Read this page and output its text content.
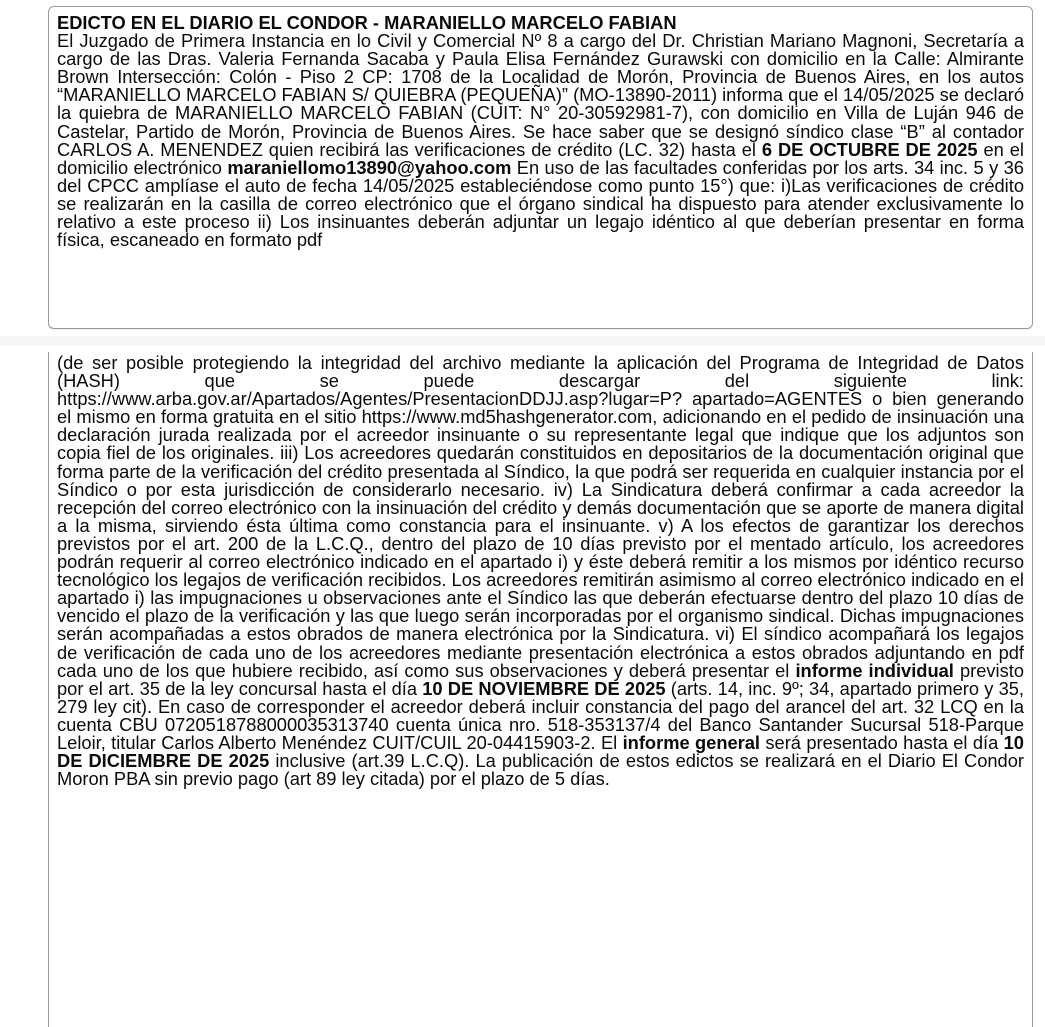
EDICTO EN EL DIARIO EL CONDOR - MARANIELLO MARCELO FABIAN
El Juzgado de Primera Instancia en lo Civil y Comercial Nº 8 a cargo del Dr. Christian Mariano Magnoni, Secretaría a cargo de las Dras. Valeria Fernanda Sacaba y Paula Elisa Fernández Gurawski con domicilio en la Calle: Almirante Brown Intersección: Colón - Piso 2 CP: 1708 de la Localidad de Morón, Provincia de Buenos Aires, en los autos “MARANIELLO MARCELO FABIAN S/ QUIEBRA (PEQUEÑA)” (MO-13890-2011) informa que el 14/05/2025 se declaró la quiebra de MARANIELLO MARCELO FABIAN (CUIT: N° 20-30592981-7), con domicilio en Villa de Luján 946 de Castelar, Partido de Morón, Provincia de Buenos Aires. Se hace saber que se designó síndico clase “B” al contador CARLOS A. MENENDEZ quien recibirá las verificaciones de crédito (LC. 32) hasta el 6 DE OCTUBRE DE 2025 en el domicilio electrónico maraniellomo13890@yahoo.com En uso de las facultades conferidas por los arts. 34 inc. 5 y 36 del CPCC amplíase el auto de fecha 14/05/2025 estableciéndose como punto 15°) que: i)Las verificaciones de crédito se realizarán en la casilla de correo electrónico que el órgano sindical ha dispuesto para atender exclusivamente lo relativo a este proceso ii) Los insinuantes deberán adjuntar un legajo idéntico al que deberían presentar en forma física, escaneado en formato pdf
(de ser posible protegiendo la integridad del archivo mediante la aplicación del Programa de Integridad de Datos (HASH) que se puede descargar del siguiente link: https://www.arba.gov.ar/Apartados/Agentes/PresentacionDDJJ.asp?lugar=P? apartado=AGENTES o bien generando el mismo en forma gratuita en el sitio https://www.md5hashgenerator.com, adicionando en el pedido de insinuación una declaración jurada realizada por el acreedor insinuante o su representante legal que indique que los adjuntos son copia fiel de los originales. iii) Los acreedores quedarán constituidos en depositarios de la documentación original que forma parte de la verificación del crédito presentada al Síndico, la que podrá ser requerida en cualquier instancia por el Síndico o por esta jurisdicción de considerarlo necesario. iv) La Sindicatura deberá confirmar a cada acreedor la recepción del correo electrónico con la insinuación del crédito y demás documentación que se aporte de manera digital a la misma, sirviendo ésta última como constancia para el insinuante. v) A los efectos de garantizar los derechos previstos por el art. 200 de la L.C.Q., dentro del plazo de 10 días previsto por el mentado artículo, los acreedores podrán requerir al correo electrónico indicado en el apartado i) y éste deberá remitir a los mismos por idéntico recurso tecnológico los legajos de verificación recibidos. Los acreedores remitirán asimismo al correo electrónico indicado en el apartado i) las impugnaciones u observaciones ante el Síndico las que deberán efectuarse dentro del plazo 10 días de vencido el plazo de la verificación y las que luego serán incorporadas por el organismo sindical. Dichas impugnaciones serán acompañadas a estos obrados de manera electrónica por la Sindicatura. vi) El síndico acompañará los legajos de verificación de cada uno de los acreedores mediante presentación electrónica a estos obrados adjuntando en pdf cada uno de los que hubiere recibido, así como sus observaciones y deberá presentar el informe individual previsto por el art. 35 de la ley concursal hasta el día 10 DE NOVIEMBRE DE 2025 (arts. 14, inc. 9º; 34, apartado primero y 35, 279 ley cit). En caso de corresponder el acreedor deberá incluir constancia del pago del arancel del art. 32 LCQ en la cuenta CBU 0720518788000035313740 cuenta única nro. 518-353137/4 del Banco Santander Sucursal 518-Parque Leloir, titular Carlos Alberto Menéndez CUIT/CUIL 20-04415903-2. El informe general será presentado hasta el día 10 DE DICIEMBRE DE 2025 inclusive (art.39 L.C.Q). La publicación de estos edictos se realizará en el Diario El Condor Moron PBA sin previo pago (art 89 ley citada) por el plazo de 5 días.
